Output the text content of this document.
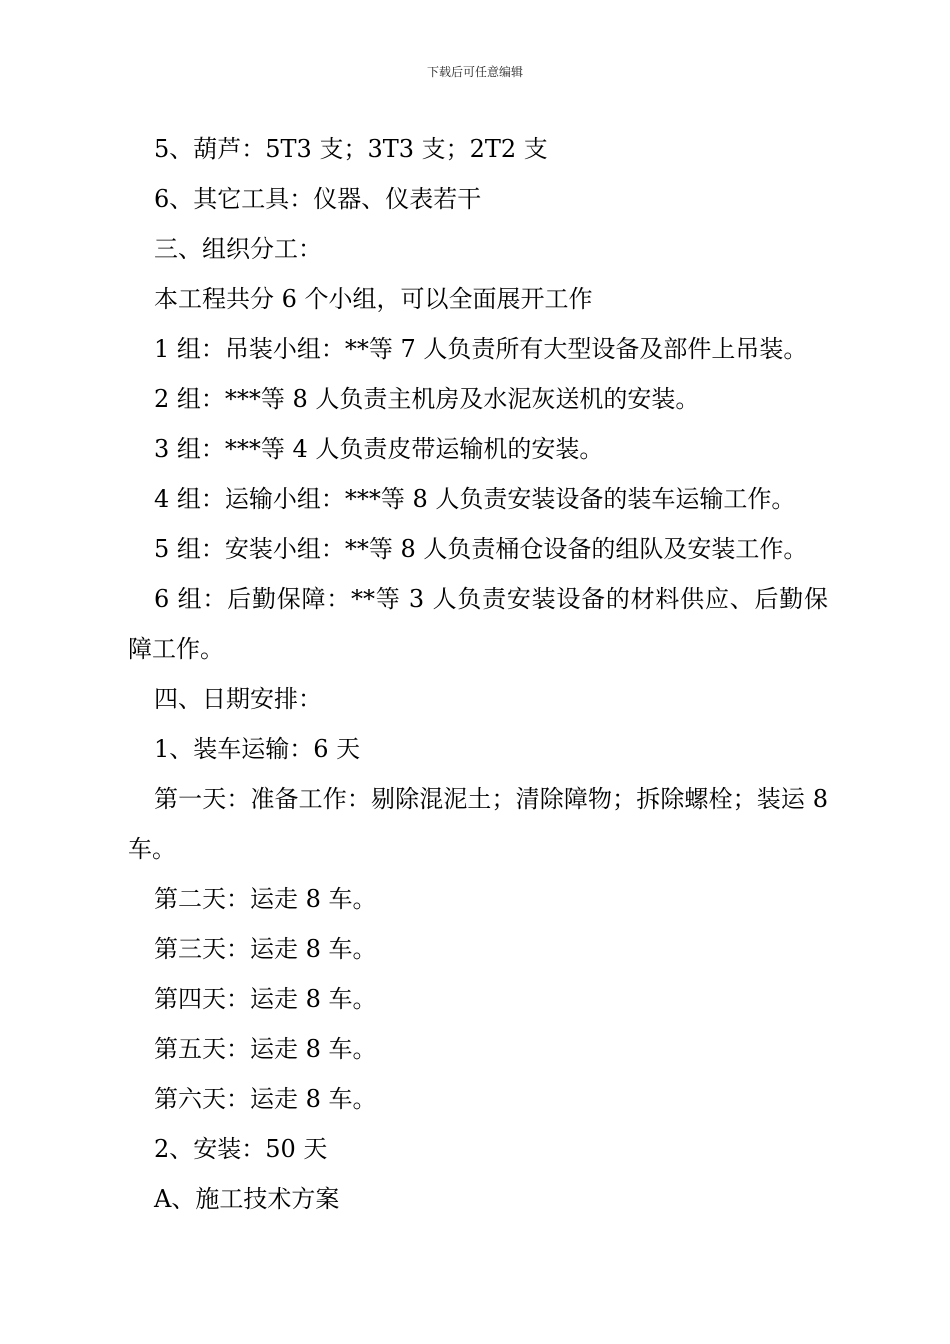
下载后可任意编辑

5、葫芦：5T3 支；3T3 支；2T2 支

6、其它工具：仪器、仪表若干

三、组织分工：

本工程共分 6 个小组，可以全面展开工作

1 组：吊装小组：**等 7 人负责所有大型设备及部件上吊装。

2 组：***等 8 人负责主机房及水泥灰送机的安装。

3 组：***等 4 人负责皮带运输机的安装。

4 组：运输小组：***等 8 人负责安装设备的装车运输工作。

5 组：安装小组：**等 8 人负责桶仓设备的组队及安装工作。

6 组：后勤保障：**等 3 人负责安装设备的材料供应、后勤保障工作。

四、日期安排：

1、装车运输：6 天

第一天：准备工作：剔除混泥土；清除障物；拆除螺栓；装运 8 车。

第二天：运走 8 车。

第三天：运走 8 车。

第四天：运走 8 车。

第五天：运走 8 车。

第六天：运走 8 车。

2、安装：50 天

A、施工技术方案
